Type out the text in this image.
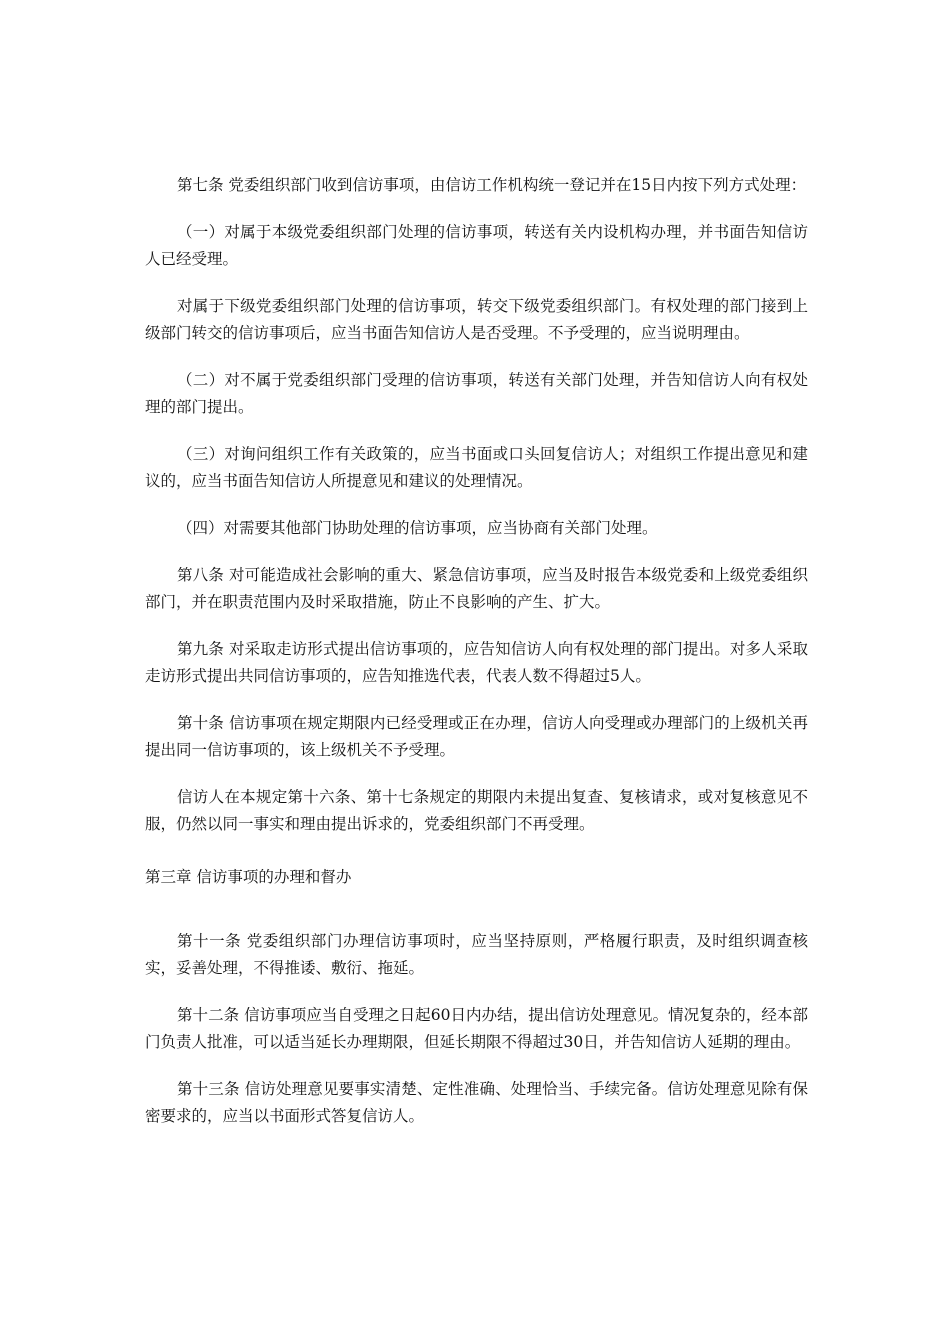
第七条 党委组织部门收到信访事项，由信访工作机构统一登记并在15日内按下列方式处理：

（一）对属于本级党委组织部门处理的信访事项，转送有关内设机构办理，并书面告知信访人已经受理。

对属于下级党委组织部门处理的信访事项，转交下级党委组织部门。有权处理的部门接到上级部门转交的信访事项后，应当书面告知信访人是否受理。不予受理的，应当说明理由。

（二）对不属于党委组织部门受理的信访事项，转送有关部门处理，并告知信访人向有权处理的部门提出。

（三）对询问组织工作有关政策的，应当书面或口头回复信访人；对组织工作提出意见和建议的，应当书面告知信访人所提意见和建议的处理情况。

（四）对需要其他部门协助处理的信访事项，应当协商有关部门处理。

第八条 对可能造成社会影响的重大、紧急信访事项，应当及时报告本级党委和上级党委组织部门，并在职责范围内及时采取措施，防止不良影响的产生、扩大。

第九条 对采取走访形式提出信访事项的，应告知信访人向有权处理的部门提出。对多人采取走访形式提出共同信访事项的，应告知推选代表，代表人数不得超过5人。

第十条 信访事项在规定期限内已经受理或正在办理，信访人向受理或办理部门的上级机关再提出同一信访事项的，该上级机关不予受理。

信访人在本规定第十六条、第十七条规定的期限内未提出复查、复核请求，或对复核意见不服，仍然以同一事实和理由提出诉求的，党委组织部门不再受理。

第三章 信访事项的办理和督办

第十一条 党委组织部门办理信访事项时，应当坚持原则，严格履行职责，及时组织调查核实，妥善处理，不得推诿、敷衍、拖延。

第十二条 信访事项应当自受理之日起60日内办结，提出信访处理意见。情况复杂的，经本部门负责人批准，可以适当延长办理期限，但延长期限不得超过30日，并告知信访人延期的理由。

第十三条 信访处理意见要事实清楚、定性准确、处理恰当、手续完备。信访处理意见除有保密要求的，应当以书面形式答复信访人。
